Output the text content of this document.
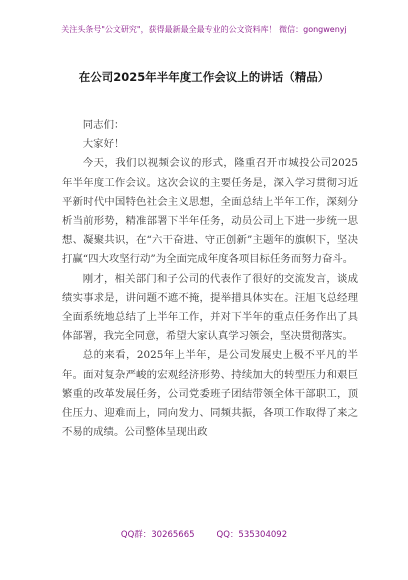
关注头条号"公文研究"，获得最新最全最专业的公文资料库！ 微信：gongwenyj
在公司2025年半年度工作会议上的讲话（精品）

同志们：

大家好！

今天，我们以视频会议的形式，隆重召开市城投公司2025年半年度工作会议。这次会议的主要任务是，深入学习贯彻习近平新时代中国特色社会主义思想，全面总结上半年工作，深刻分析当前形势，精准部署下半年任务，动员公司上下进一步统一思想、凝聚共识，在“六干奋进、守正创新”主题年的旗帜下，坚决打赢“四大攻坚行动”为全面完成年度各项目标任务而努力奋斗。

刚才，相关部门和子公司的代表作了很好的交流发言，谈成绩实事求是，讲问题不遮不掩，提举措具体实在。汪旭飞总经理全面系统地总结了上半年工作，并对下半年的重点任务作出了具体部署，我完全同意，希望大家认真学习领会，坚决贯彻落实。

总的来看，2025年上半年，是公司发展史上极不平凡的半年。面对复杂严峻的宏观经济形势、持续加大的转型压力和艰巨繁重的改革发展任务，公司党委班子团结带领全体干部职工，顶住压力、迎难而上，同向发力、同频共振，各项工作取得了来之不易的成绩。公司整体呈现出政

QQ群：30265665	QQ：535304092
